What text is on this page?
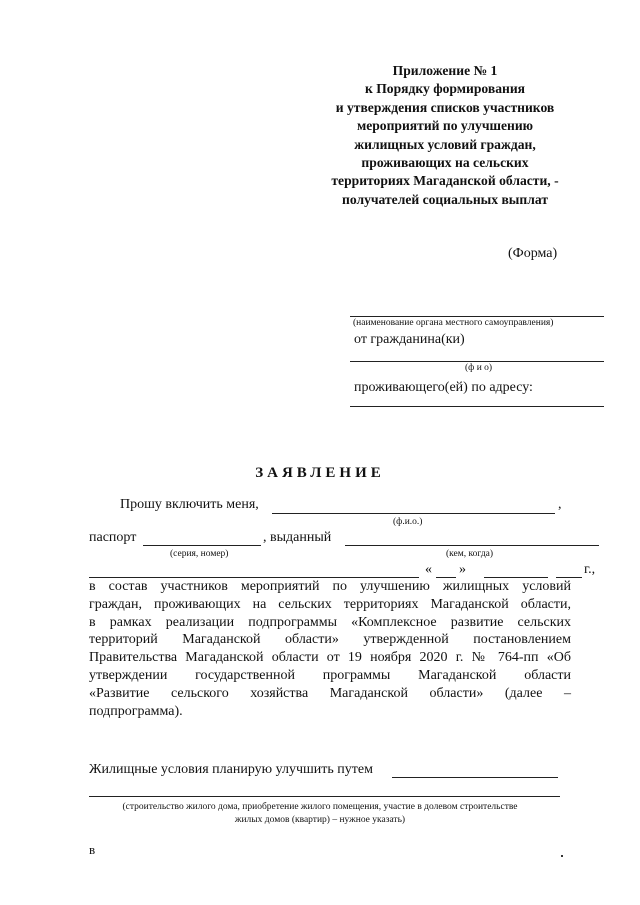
Приложение № 1
к Порядку формирования
и утверждения списков участников
мероприятий по улучшению
жилищных условий граждан,
проживающих на сельских
территориях Магаданской области, -
получателей социальных выплат
(Форма)
(наименование органа местного самоуправления)
от гражданина(ки)
(ф и о)
проживающего(ей) по адресу:
ЗАЯВЛЕНИЕ
Прошу включить меня,	,
(ф.и.о.)
паспорт	, выданный
(серия, номер)	(кем, когда)
« »	г.,
в состав участников мероприятий по улучшению жилищных условий
граждан, проживающих на сельских территориях Магаданской области,
в рамках реализации подпрограммы «Комплексное развитие сельских
территорий Магаданской области» утвержденной постановлением
Правительства Магаданской области от 19 ноября 2020 г. № 764-пп «Об
утверждении государственной программы Магаданской области
«Развитие сельского хозяйства Магаданской области» (далее –
подпрограмма).
Жилищные условия планирую улучшить путем
(строительство жилого дома, приобретение жилого помещения, участие в долевом строительстве
жилых домов (квартир) – нужное указать)
в
